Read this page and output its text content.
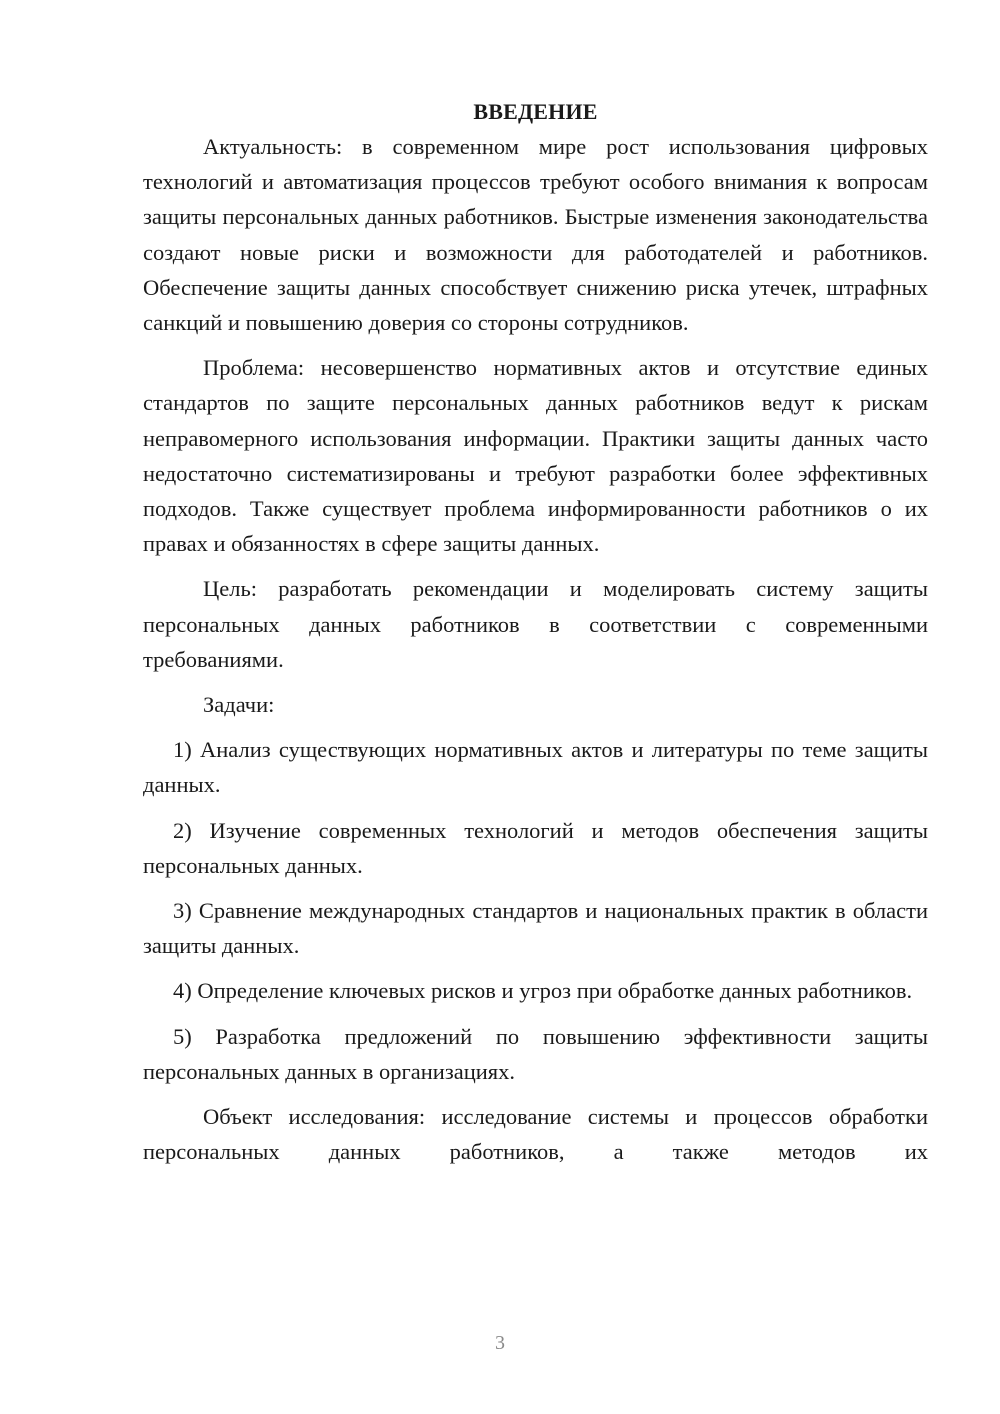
ВВЕДЕНИЕ

Актуальность: в современном мире рост использования цифровых технологий и автоматизация процессов требуют особого внимания к вопросам защиты персональных данных работников. Быстрые изменения законодательства создают новые риски и возможности для работодателей и работников. Обеспечение защиты данных способствует снижению риска утечек, штрафных санкций и повышению доверия со стороны сотрудников.

Проблема: несовершенство нормативных актов и отсутствие единых стандартов по защите персональных данных работников ведут к рискам неправомерного использования информации. Практики защиты данных часто недостаточно систематизированы и требуют разработки более эффективных подходов. Также существует проблема информированности работников о их правах и обязанностях в сфере защиты данных.

Цель: разработать рекомендации и моделировать систему защиты персональных данных работников в соответствии с современными требованиями.

Задачи:

1) Анализ существующих нормативных актов и литературы по теме защиты данных.

2) Изучение современных технологий и методов обеспечения защиты персональных данных.

3) Сравнение международных стандартов и национальных практик в области защиты данных.

4) Определение ключевых рисков и угроз при обработке данных работников.

5) Разработка предложений по повышению эффективности защиты персональных данных в организациях.

Объект исследования: исследование системы и процессов обработки персональных данных работников, а также методов их

3
